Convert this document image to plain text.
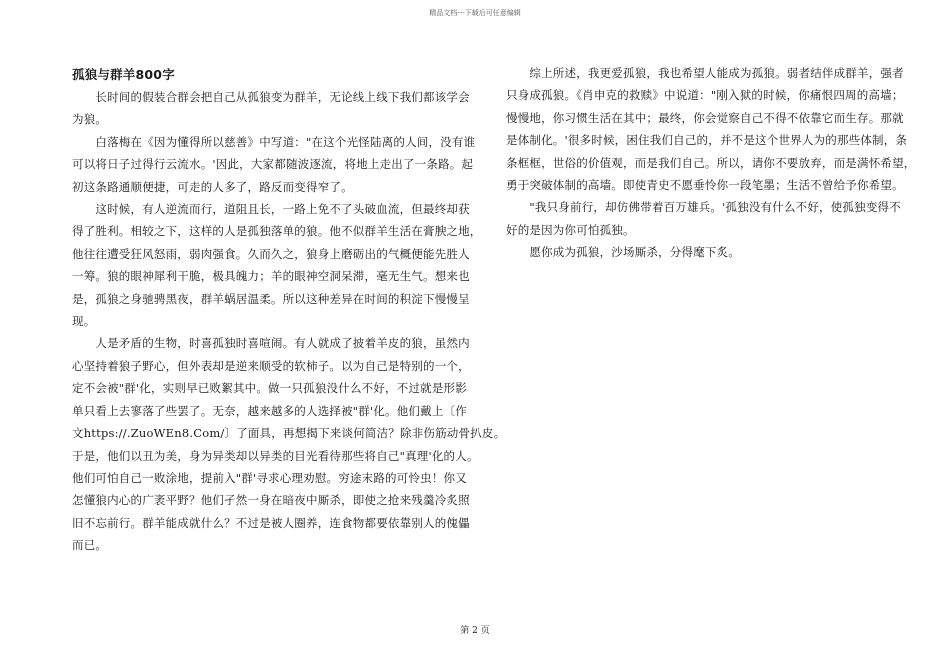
精品文档---下载后可任意编辑
孤狼与群羊800字
　　长时间的假装合群会把自己从孤狼变为群羊，无论线上线下我们都该学会
为狼。
　　白落梅在《因为懂得所以慈善》中写道："在这个光怪陆离的人间，没有谁
可以将日子过得行云流水。'因此，大家都随波逐流，将地上走出了一条路。起
初这条路通顺便捷，可走的人多了，路反而变得窄了。
　　这时候，有人逆流而行，道阻且长，一路上免不了头破血流，但最终却获
得了胜利。相较之下，这样的人是孤独落单的狼。他不似群羊生活在膏腴之地，
他往往遭受狂风怒雨，弱肉强食。久而久之，狼身上磨砺出的气概便能先胜人
一筹。狼的眼神犀利干脆，极具魄力；羊的眼神空洞呆滞，毫无生气。想来也
是，孤狼之身驰骋黑夜，群羊蜗居温柔。所以这种差异在时间的积淀下慢慢呈
现。
　　人是矛盾的生物，时喜孤独时喜喧闹。有人就成了披着羊皮的狼，虽然内
心坚持着狼子野心，但外表却是逆来顺受的软柿子。以为自己是特别的一个，
定不会被"群'化，实则早已败絮其中。做一只孤狼没什么不好，不过就是形影
单只看上去寥落了些罢了。无奈，越来越多的人选择被"群'化。他们戴上〔作
文https://.ZuoWEn8.Com/〕了面具，再想揭下来谈何简洁？除非伤筋动骨扒皮。
于是，他们以丑为美，身为异类却以异类的目光看待那些将自己"真理'化的人。
他们可怕自己一败涂地，提前入"群'寻求心理劝慰。穷途末路的可怜虫！你又
怎懂狼内心的广袤平野？他们孑然一身在暗夜中厮杀，即使之抢来残羹冷炙照
旧不忘前行。群羊能成就什么？不过是被人圈养，连食物都要依靠别人的傀儡
而已。
　　综上所述，我更爱孤狼，我也希望人能成为孤狼。弱者结伴成群羊，强者
只身成孤狼。《肖申克的救赎》中说道："刚入狱的时候，你痛恨四周的高墙；
慢慢地，你习惯生活在其中；最终，你会觉察自己不得不依靠它而生存。那就
是体制化。'很多时候，困住我们自己的，并不是这个世界人为的那些体制，条
条框框，世俗的价值观，而是我们自己。所以，请你不要放弃，而是满怀希望，
勇于突破体制的高墙。即使青史不愿垂怜你一段笔墨；生活不曾给予你希望。
　　"我只身前行，却仿佛带着百万雄兵。'孤独没有什么不好，使孤独变得不
好的是因为你可怕孤独。
　　愿你成为孤狼，沙场厮杀，分得麾下炙。
第 2 页
